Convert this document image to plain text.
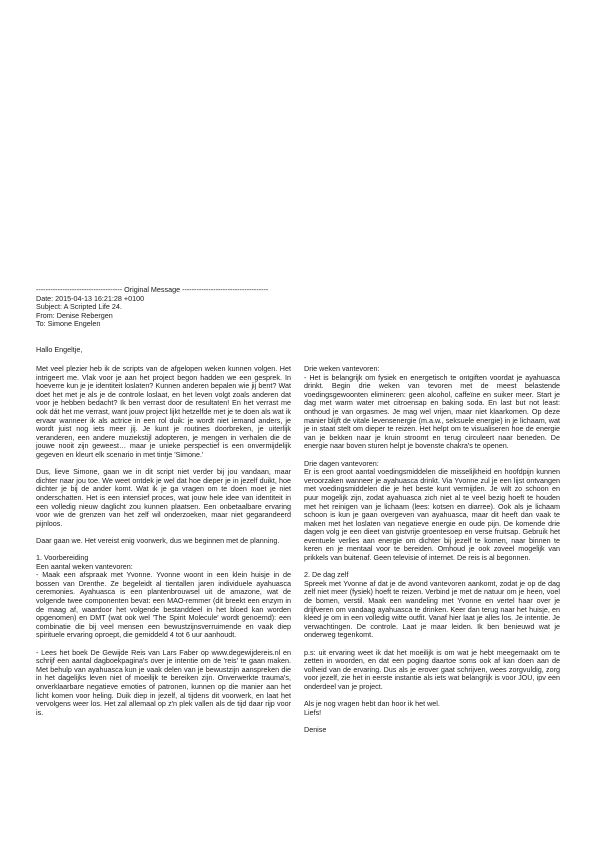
------------------------------------ Original Message ------------------------------------
Date: 2015-04-13 16:21:28 +0100
Subject: A Scripted Life 24.
From: Denise Rebergen
To: Simone Engelen
Hallo Engeltje,

Met veel plezier heb ik de scripts van de afgelopen weken kunnen volgen. Het intrigeert me. Vlak voor je aan het project begon hadden we een gesprek. In hoeverre kun je je identiteit loslaten? Kunnen anderen bepalen wie jij bent? Wat doet het met je als je de controle loslaat, en het leven volgt zoals anderen dat voor je hebben bedacht? Ik ben verrast door de resultaten! En het verrast me ook dát het me verrast, want jouw project lijkt hetzelfde met je te doen als wat ik ervaar wanneer ik als actrice in een rol duik: je wordt niet iemand anders, je wordt juist nog iets meer jij. Je kunt je routines doorbreken, je uiterlijk veranderen, een andere muziekstijl adopteren, je mengen in verhalen die de jouwe nooit zijn geweest… maar je unieke perspectief is een onvermijdelijk gegeven en kleurt elk scenario in met tintje 'Simone.'

Dus, lieve Simone, gaan we in dit script niet verder bij jou vandaan, maar dichter naar jou toe. We weet ontdek je wel dat hoe dieper je in jezelf duikt, hoe dichter je bij de ander komt. Wat ik je ga vragen om te doen moet je niet onderschatten. Het is een intensief proces, wat jouw hele idee van identiteit in een volledig nieuw daglicht zou kunnen plaatsen. Een onbetaalbare ervaring voor wie de grenzen van het zelf wil onderzoeken, maar niet gegarandeerd pijnloos.

Daar gaan we. Het vereist enig voorwerk, dus we beginnen met de planning.

1. Voorbereiding

Een aantal weken vantevoren:

- Maak een afspraak met Yvonne. Yvonne woont in een klein huisje in de bossen van Drenthe. Ze begeleidt al tientallen jaren individuele ayahuasca ceremonies. Ayahuasca is een plantenbrouwsel uit de amazone, wat de volgende twee componenten bevat: een MAO-remmer (dit breekt een enzym in de maag af, waardoor het volgende bestanddeel in het bloed kan worden opgenomen) en DMT (wat ook wel 'The Spirit Molecule' wordt genoemd): een combinatie die bij veel mensen een bewustzijnsverruimende en vaak diep spirituele ervaring oproept, die gemiddeld 4 tot 6 uur aanhoudt.

- Lees het boek De Gewijde Reis van Lars Faber op www.degewijdereis.nl en schrijf een aantal dagboekpagina's over je intentie om de 'reis' te gaan maken. Met behulp van ayahuasca kun je vaak delen van je bewustzijn aanspreken die in het dagelijks leven niet of moeilijk te bereiken zijn. Onverwerkte trauma's, onverklaarbare negatieve emoties of patronen, kunnen op die manier aan het licht komen voor heling. Duik diep in jezelf, al tijdens dit voorwerk, en laat het vervolgens weer los. Het zal allemaal op z'n plek vallen als de tijd daar rijp voor is.

Drie weken vantevoren:

- Het is belangrijk om fysiek en energetisch te ontgiften voordat je ayahuasca drinkt. Begin drie weken van tevoren met de meest belastende voedingsgewoonten elimineren: geen alcohol, caffeïne en suiker meer. Start je dag met warm water met citroensap en baking soda. En last but not least: onthoud je van orgasmes. Je mag wel vrijen, maar niet klaarkomen. Op deze manier blijft de vitale levensenergie (m.a.w., seksuele energie) in je lichaam, wat je in staat stelt om dieper te reizen. Het helpt om te visualiseren hoe de energie van je bekken naar je kruin stroomt en terug circuleert naar beneden. De energie naar boven sturen helpt je bovenste chakra's te openen.

Drie dagen vantevoren:

Er is een groot aantal voedingsmiddelen die misselijkheid en hoofdpijn kunnen veroorzaken wanneer je ayahuasca drinkt. Via Yvonne zul je een lijst ontvangen met voedingsmiddelen die je het beste kunt vermijden. Je wilt zo schoon en puur mogelijk zijn, zodat ayahuasca zich niet al te veel bezig hoeft te houden met het reinigen van je lichaam (lees: kotsen en diarree). Ook als je lichaam schoon is kun je gaan overgeven van ayahuasca, maar dit heeft dan vaak te maken met het loslaten van negatieve energie en oude pijn. De komende drie dagen volg je een dieet van gistvrije groentesoep en verse fruitsap. Gebruik het eventuele verlies aan energie om dichter bij jezelf te komen, naar binnen te keren en je mentaal voor te bereiden. Omhoud je ook zoveel mogelijk van prikkels van buitenaf. Geen televisie of internet. De reis is al begonnen.

2. De dag zelf

Spreek met Yvonne af dat je de avond vantevoren aankomt, zodat je op de dag zelf niet meer (fysiek) hoeft te reizen. Verbind je met de natuur om je heen, voel de bomen, verstil. Maak een wandeling met Yvonne en vertel haar over je drijfveren om vandaag ayahuasca te drinken. Keer dan terug naar het huisje, en kleed je om in een volledig witte outfit. Vanaf hier laat je alles los. Je intentie. Je verwachtingen. De controle. Laat je maar leiden. Ik ben benieuwd wat je onderweg tegenkomt.

p.s: uit ervaring weet ik dat het moeilijk is om wat je hebt meegemaakt om te zetten in woorden, en dat een poging daartoe soms ook af kan doen aan de volheid van de ervaring. Dus als je erover gaat schrijven, wees zorgvuldig, zorg voor jezelf, zie het in eerste instantie als iets wat belangrijk is voor JOU, ipv een onderdeel van je project.

Als je nog vragen hebt dan hoor ik het wel.

Liefs!

Denise
